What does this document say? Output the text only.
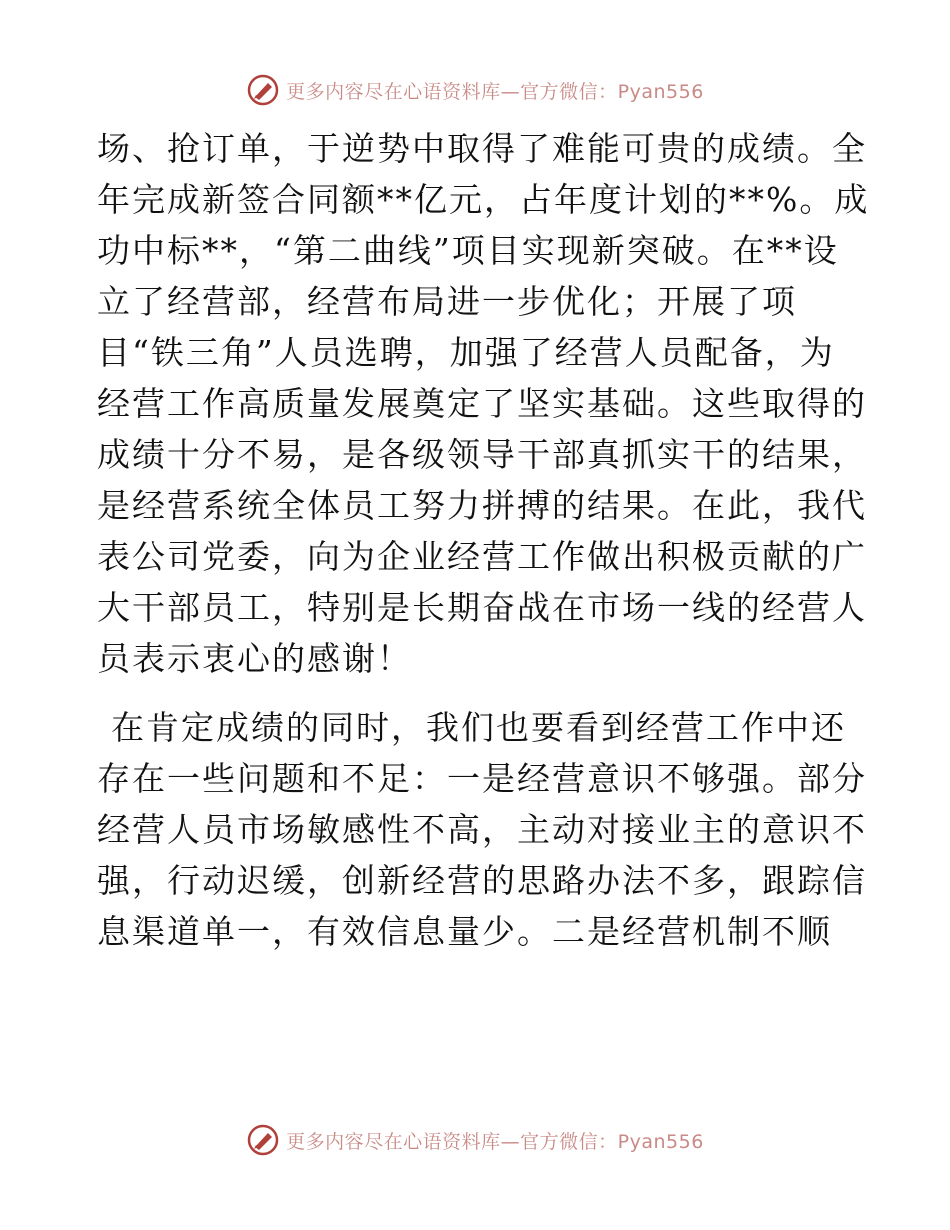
更多内容尽在心语资料库—官方微信：Pyan556
场、抢订单，于逆势中取得了难能可贵的成绩。全
年完成新签合同额**亿元，占年度计划的**%。成
功中标**，“第二曲线”项目实现新突破。在**设
立了经营部，经营布局进一步优化；开展了项
目“铁三角”人员选聘，加强了经营人员配备，为
经营工作高质量发展奠定了坚实基础。这些取得的
成绩十分不易，是各级领导干部真抓实干的结果，
是经营系统全体员工努力拼搏的结果。在此，我代
表公司党委，向为企业经营工作做出积极贡献的广
大干部员工，特别是长期奋战在市场一线的经营人
员表示衷心的感谢！
在肯定成绩的同时，我们也要看到经营工作中还
存在一些问题和不足：一是经营意识不够强。部分
经营人员市场敏感性不高，主动对接业主的意识不
强，行动迟缓，创新经营的思路办法不多，跟踪信
息渠道单一，有效信息量少。二是经营机制不顺
更多内容尽在心语资料库—官方微信：Pyan556
